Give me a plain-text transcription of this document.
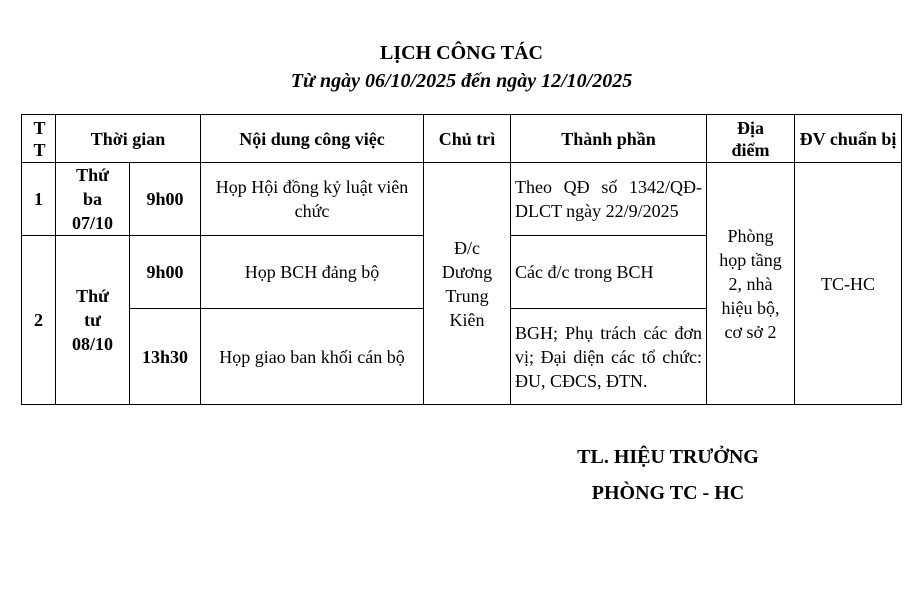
LỊCH CÔNG TÁC
Từ ngày 06/10/2025 đến ngày 12/10/2025
T T	Thời gian		Nội dung công việc	Chủ trì	Thành phần	Địa điểm	ĐV chuẩn bị

1	Thứ ba 07/10	9h00	Họp Hội đồng kỷ luật viên chức	Đ/c Dương Trung Kiên	Theo QĐ số 1342/QĐ-DLCT ngày 22/9/2025	Phòng họp tầng 2, nhà hiệu bộ, cơ sở 2	TC-HC
2	Thứ tư 08/10	9h00	Họp BCH đảng bộ		Các đ/c trong BCH		
		13h30	Họp giao ban khối cán bộ		BGH; Phụ trách các đơn vị; Đại diện các tổ chức: ĐU, CĐCS, ĐTN.		
TL. HIỆU TRƯỞNG
PHÒNG TC - HC
